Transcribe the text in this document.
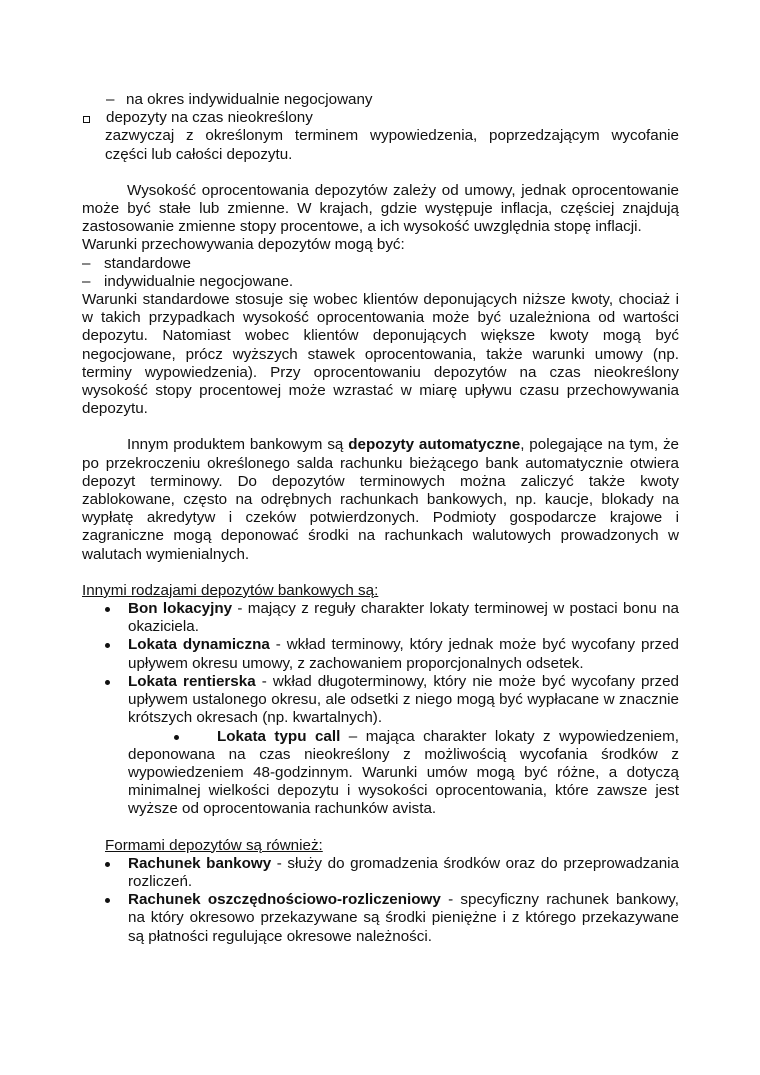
– na okres indywidualnie negocjowany
depozyty na czas nieokreślony

zazwyczaj z określonym terminem wypowiedzenia, poprzedzającym wycofanie części lub całości depozytu.

Wysokość oprocentowania depozytów zależy od umowy, jednak oprocentowanie może być stałe lub zmienne. W krajach, gdzie występuje inflacja, częściej znajdują zastosowanie zmienne stopy procentowe, a ich wysokość uwzględnia stopę inflacji.

Warunki przechowywania depozytów mogą być:

– standardowe
– indywidualnie negocjowane.

Warunki standardowe stosuje się wobec klientów deponujących niższe kwoty, chociaż i w takich przypadkach wysokość oprocentowania może być uzależniona od wartości depozytu. Natomiast wobec klientów deponujących większe kwoty mogą być negocjowane, prócz wyższych stawek oprocentowania, także warunki umowy (np. terminy wypowiedzenia). Przy oprocentowaniu depozytów na czas nieokreślony wysokość stopy procentowej może wzrastać w miarę upływu czasu przechowywania depozytu.

Innym produktem bankowym są depozyty automatyczne, polegające na tym, że po przekroczeniu określonego salda rachunku bieżącego bank automatycznie otwiera depozyt terminowy. Do depozytów terminowych można zaliczyć także kwoty zablokowane, często na odrębnych rachunkach bankowych, np. kaucje, blokady na wypłatę akredytyw i czeków potwierdzonych. Podmioty gospodarcze krajowe i zagraniczne mogą deponować środki na rachunkach walutowych prowadzonych w walutach wymienialnych.

Innymi rodzajami depozytów bankowych są:

Bon lokacyjny - mający z reguły charakter lokaty terminowej w postaci bonu na okaziciela.

Lokata dynamiczna - wkład terminowy, który jednak może być wycofany przed upływem okresu umowy, z zachowaniem proporcjonalnych odsetek.

Lokata rentierska - wkład długoterminowy, który nie może być wycofany przed upływem ustalonego okresu, ale odsetki z niego mogą być wypłacane w znacznie krótszych okresach (np. kwartalnych).

Lokata typu call – mająca charakter lokaty z wypowiedzeniem, deponowana na czas nieokreślony z możliwością wycofania środków z wypowiedzeniem 48-godzinnym. Warunki umów mogą być różne, a dotyczą minimalnej wielkości depozytu i wysokości oprocentowania, które zawsze jest wyższe od oprocentowania rachunków avista.

Formami depozytów są również:

Rachunek bankowy - służy do gromadzenia środków oraz do przeprowadzania rozliczeń.

Rachunek oszczędnościowo-rozliczeniowy - specyficzny rachunek bankowy, na który okresowo przekazywane są środki pieniężne i z którego przekazywane są płatności regulujące okresowe należności.
